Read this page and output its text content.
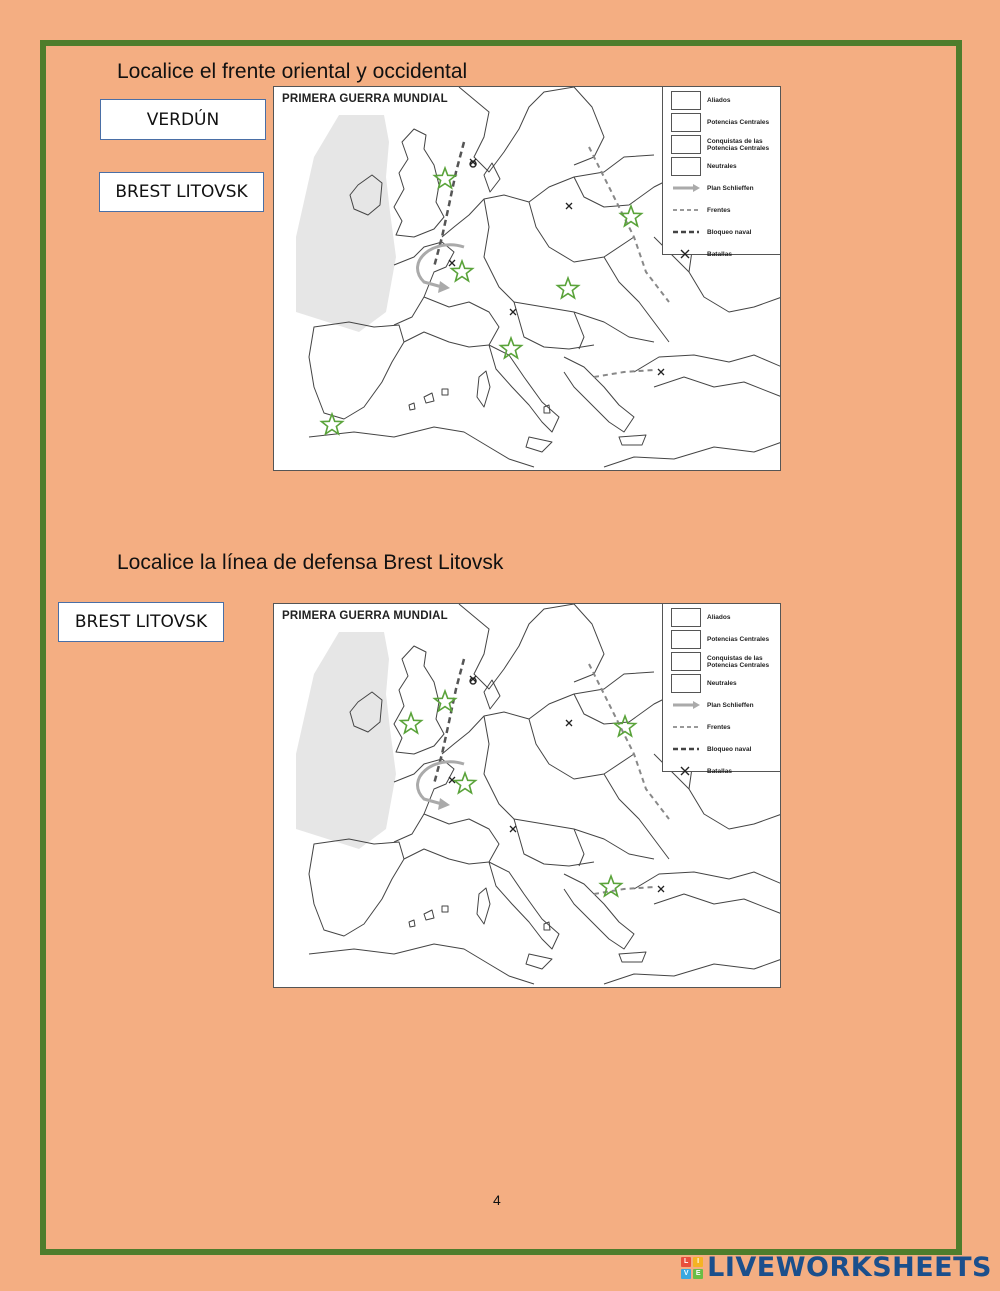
Localice el frente oriental y occidental
VERDÚN
BREST LITOVSK
PRIMERA GUERRA MUNDIAL	Aliados
Potencias Centrales
Conquistas de las Potencias Centrales
Neutrales
Plan Schlieffen
Frentes
Bloqueo naval
Batallas
Localice la línea de defensa Brest Litovsk
BREST LITOVSK	PRIMERA GUERRA MUNDIAL	Aliados
Potencias Centrales
Conquistas de las Potencias Centrales
Neutrales
Plan Schlieffen
Frentes
Bloqueo naval
Batallas
4
L	I
V	E LIVEWORKSHEETS
